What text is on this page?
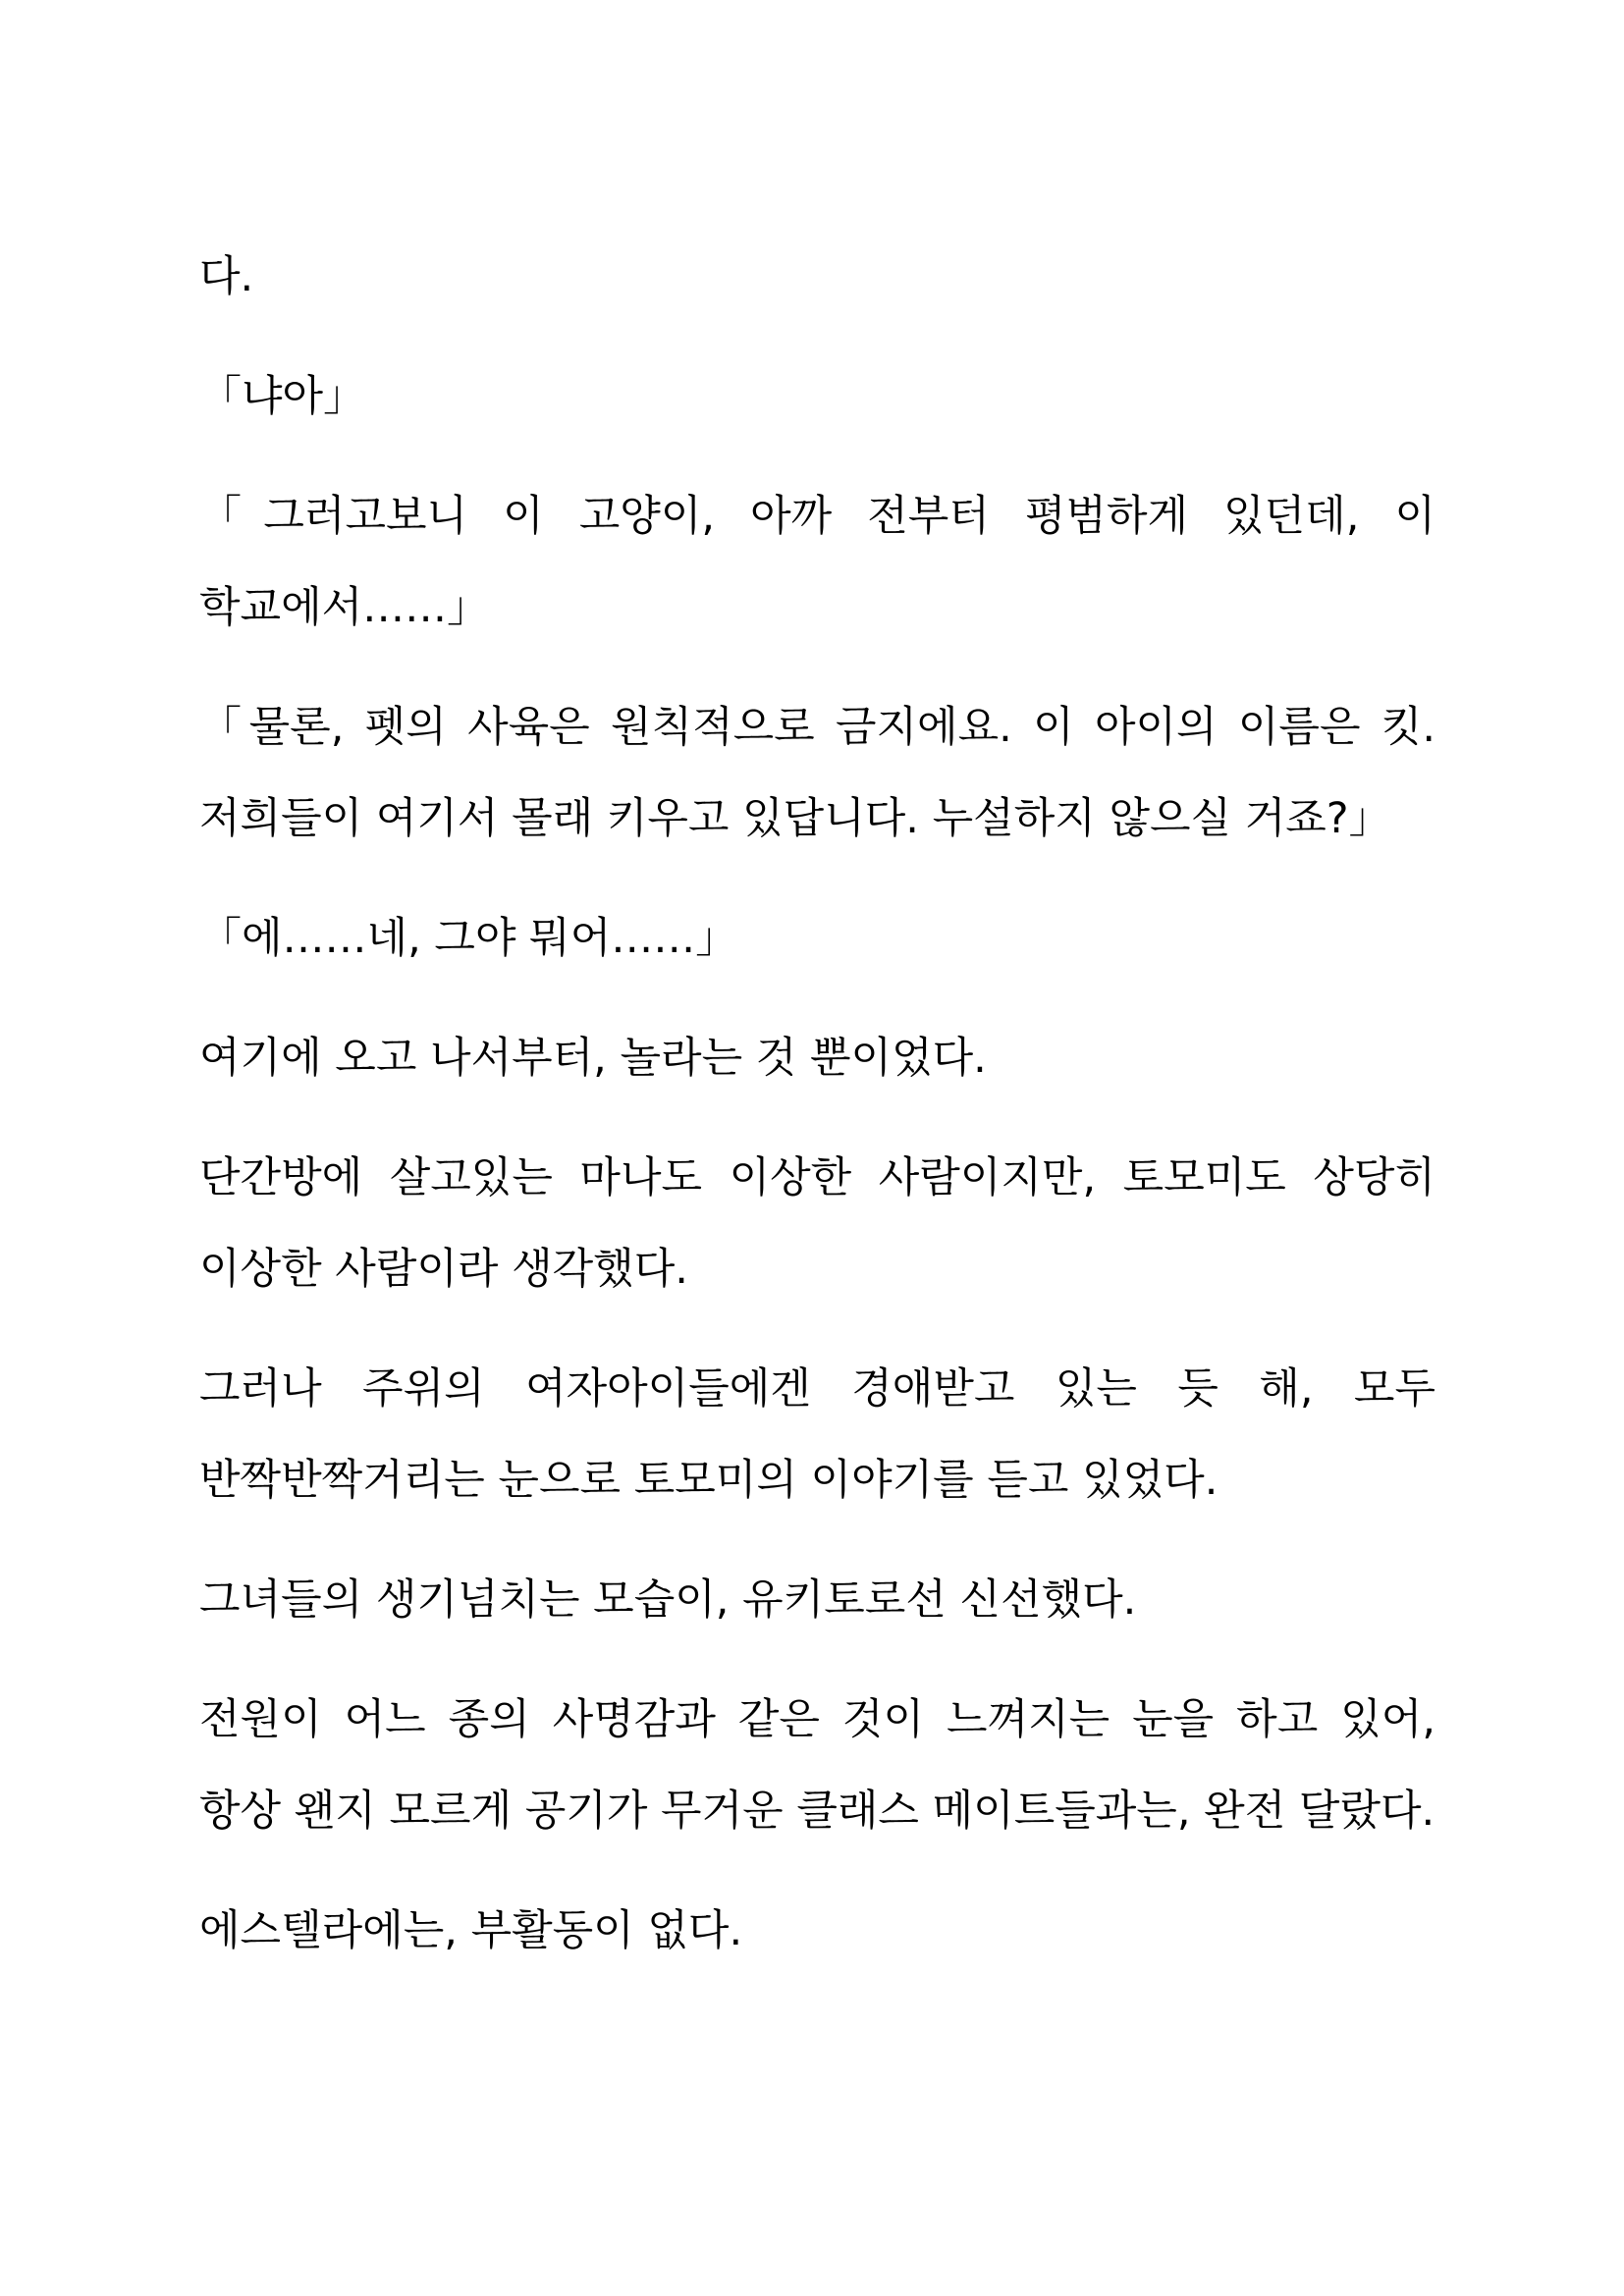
다.

「냐아」

「그러고보니 이 고양이, 아까 전부터 평범하게 있던데, 이 학교에서……」

「물론, 펫의 사육은 원칙적으로 금지에요. 이 아이의 이름은 킷. 저희들이 여기서 몰래 키우고 있답니다. 누설하지 않으실 거죠?」

「에……네, 그야 뭐어……」

여기에 오고 나서부터, 놀라는 것 뿐이었다.

단간방에 살고있는 마나도 이상한 사람이지만, 토모미도 상당히 이상한 사람이라 생각했다.

그러나 주위의 여자아이들에겐 경애받고 있는 듯 해, 모두 반짝반짝거리는 눈으로 토모미의 이야기를 듣고 있었다.

그녀들의 생기넘치는 모습이, 유키토로선 신선했다.

전원이 어느 종의 사명감과 같은 것이 느껴지는 눈을 하고 있어, 항상 왠지 모르게 공기가 무거운 클래스 메이트들과는, 완전 달랐다.

에스텔라에는, 부활동이 없다.
